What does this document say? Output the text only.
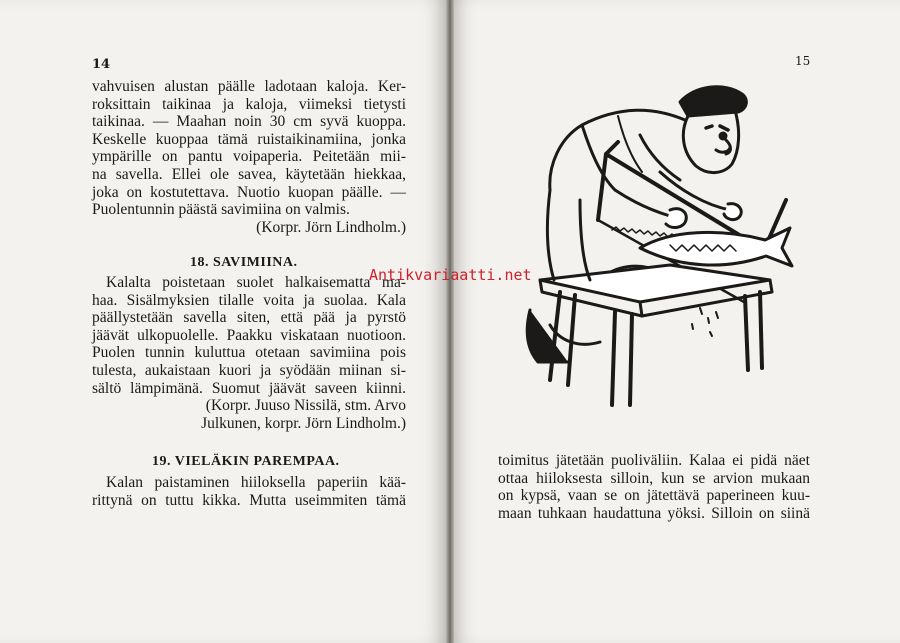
14
vahvuisen alustan päälle ladotaan kaloja. Ker-
roksittain taikinaa ja kaloja, viimeksi tietysti
taikinaa. — Maahan noin 30 cm syvä kuoppa.
Keskelle kuoppaa tämä ruistaikinamiina, jonka
ympärille on pantu voipaperia. Peitetään mii-
na savella. Ellei ole savea, käytetään hiekkaa,
joka on kostutettava. Nuotio kuopan päälle. —
Puolentunnin päästä savimiina on valmis.
(Korpr. Jörn Lindholm.)
18. SAVIMIINA.
Kalalta poistetaan suolet halkaisematta ma-
haa. Sisälmyksien tilalle voita ja suolaa. Kala
päällystetään savella siten, että pää ja pyrstö
jäävät ulkopuolelle. Paakku viskataan nuotioon.
Puolen tunnin kuluttua otetaan savimiina pois
tulesta, aukaistaan kuori ja syödään miinan si-
sältö lämpimänä. Suomut jäävät saveen kiinni.
(Korpr. Juuso Nissilä, stm. Arvo
Julkunen, korpr. Jörn Lindholm.)
19. VIELÄKIN PAREMPAA.
Kalan paistaminen hiiloksella paperiin kää-
rittynä on tuttu kikka. Mutta useimmiten tämä
15
Antikvariaatti.net
toimitus jätetään puoliväliin. Kalaa ei pidä näet
ottaa hiiloksesta silloin, kun se arvion mukaan
on kypsä, vaan se on jätettävä paperineen kuu-
maan tuhkaan haudattuna yöksi. Silloin on siinä
